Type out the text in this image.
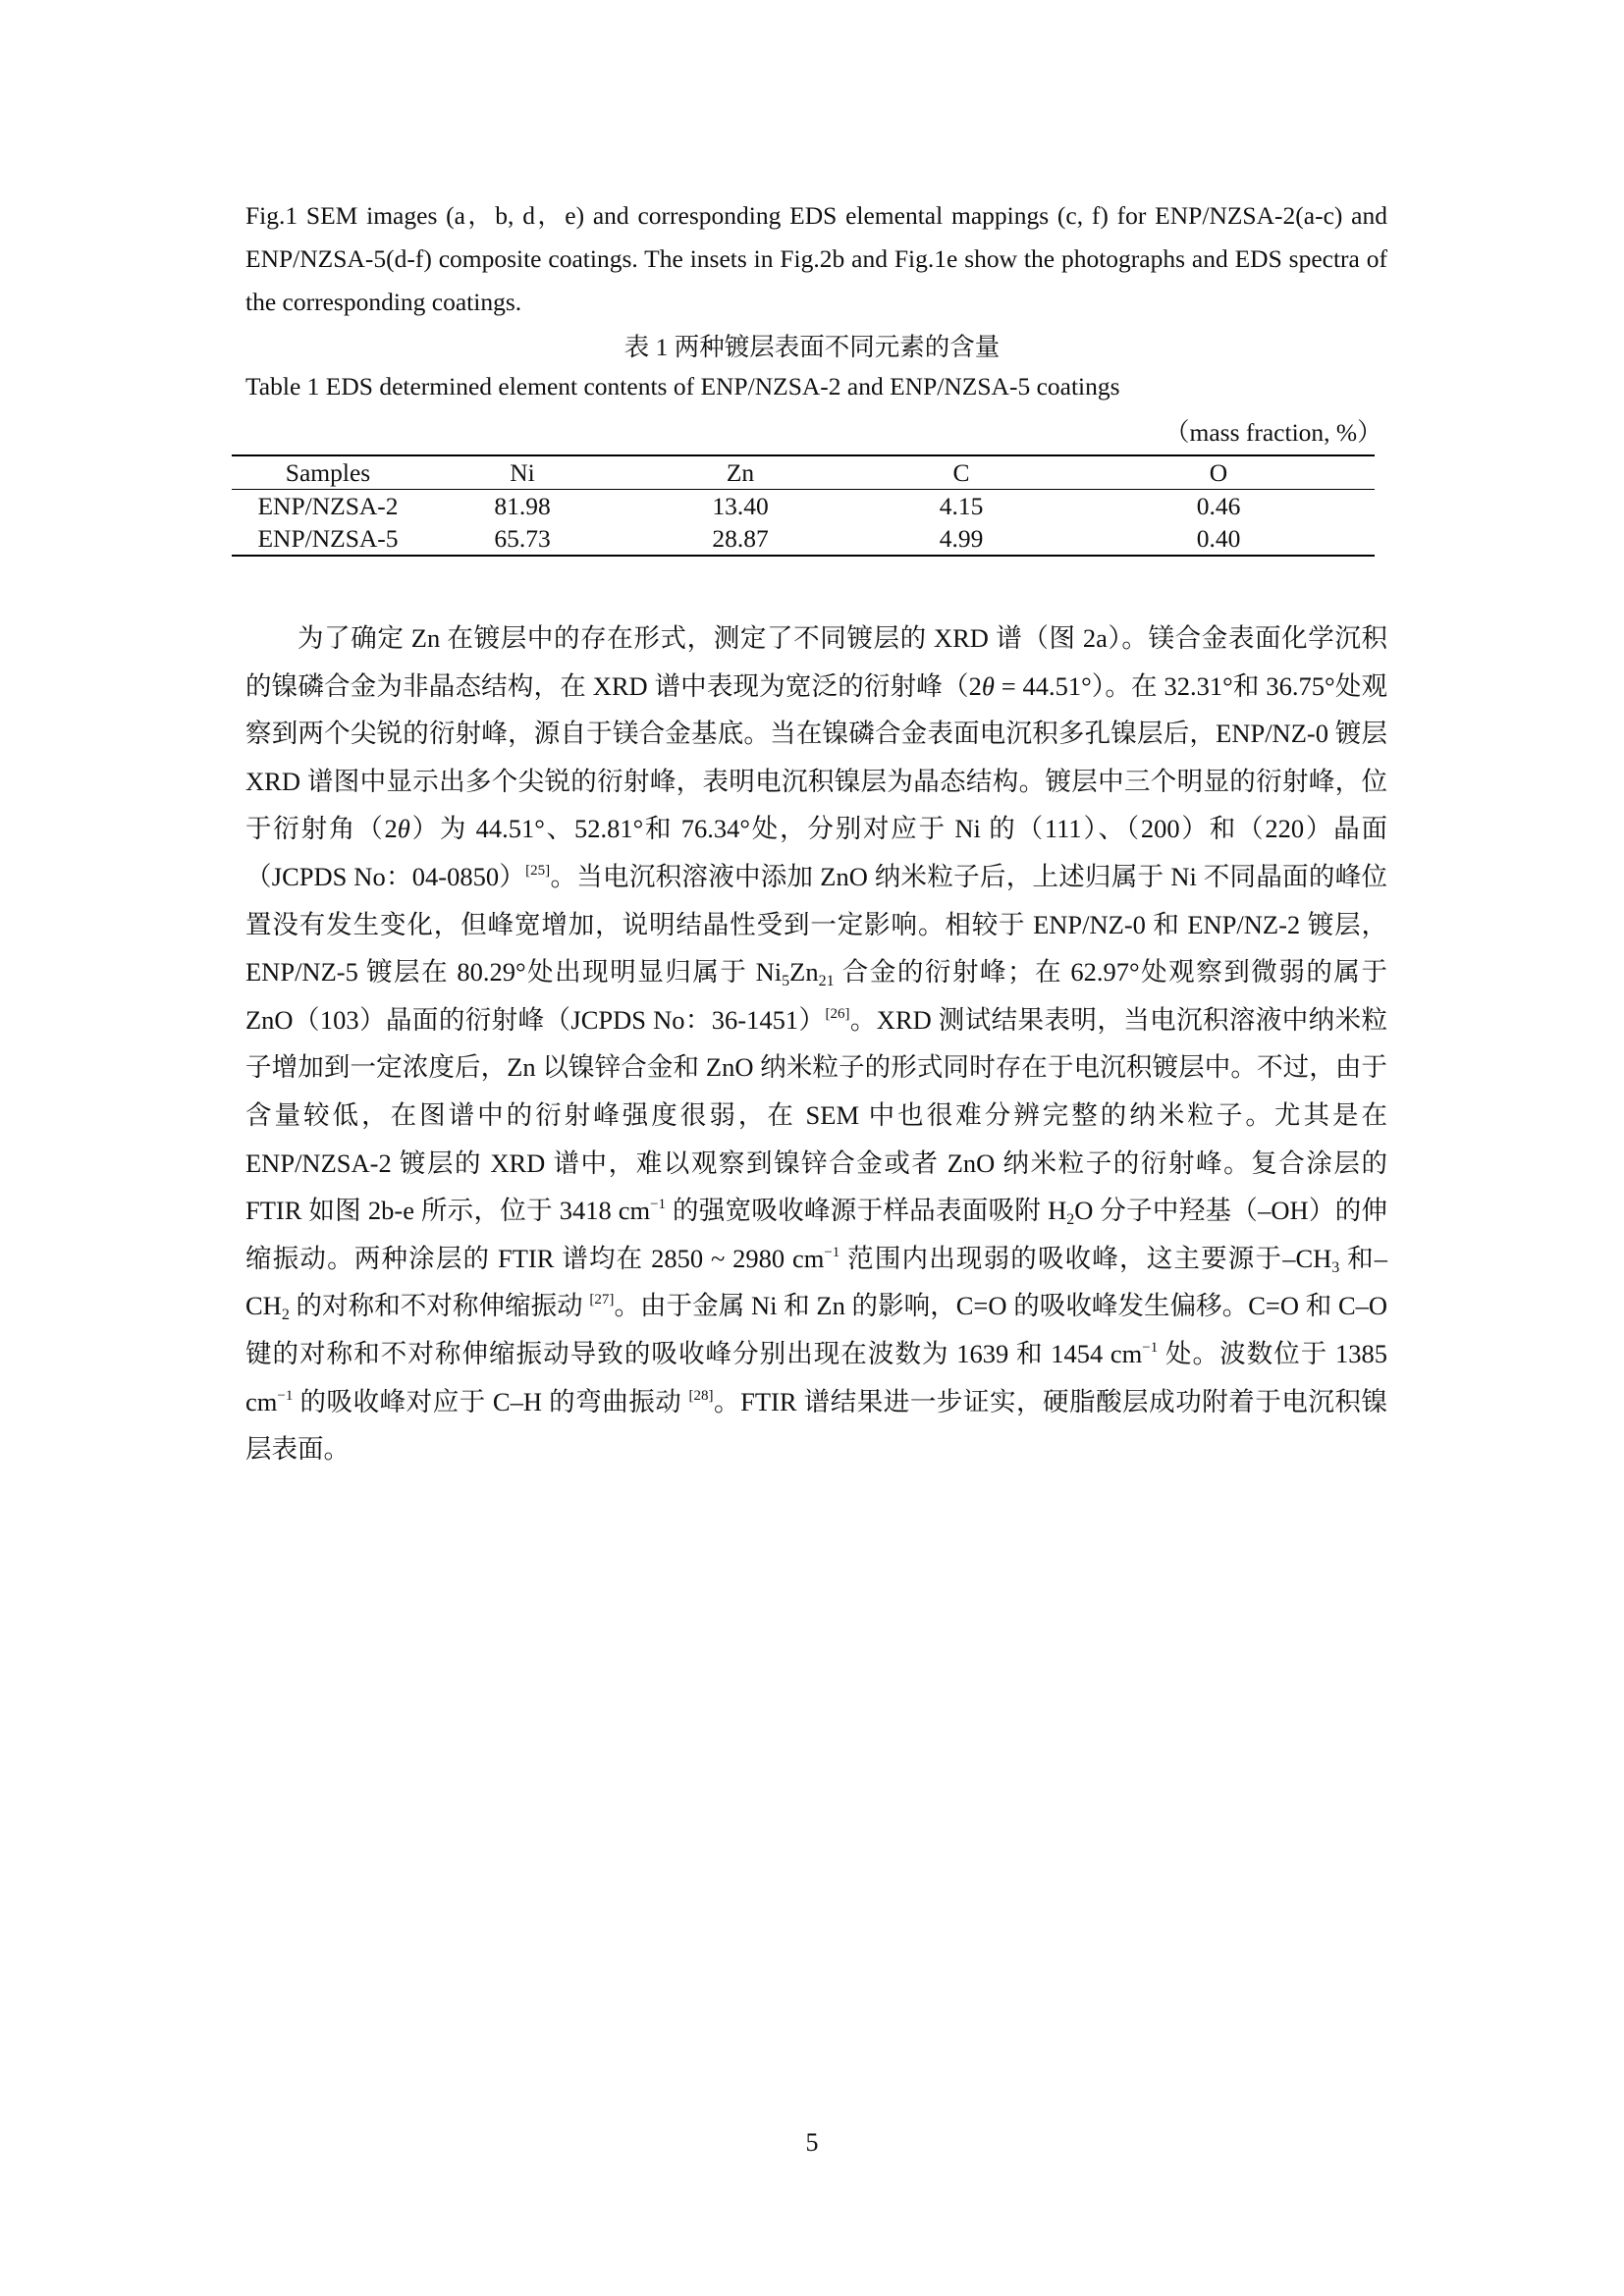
Fig.1 SEM images (a，b, d，e) and corresponding EDS elemental mappings (c, f) for ENP/NZSA-2(a-c) and ENP/NZSA-5(d-f) composite coatings. The insets in Fig.2b and Fig.1e show the photographs and EDS spectra of the corresponding coatings.
表 1 两种镀层表面不同元素的含量
Table 1 EDS determined element contents of ENP/NZSA-2 and ENP/NZSA-5 coatings
（mass fraction, %）
Samples	Ni	Zn	C	O
ENP/NZSA-2	81.98	13.40	4.15	0.46
ENP/NZSA-5	65.73	28.87	4.99	0.40

为了确定 Zn 在镀层中的存在形式，测定了不同镀层的 XRD 谱（图 2a）。镁合金表面化学沉积的镍磷合金为非晶态结构，在 XRD 谱中表现为宽泛的衍射峰（2θ = 44.51°）。在 32.31°和 36.75°处观察到两个尖锐的衍射峰，源自于镁合金基底。当在镍磷合金表面电沉积多孔镍层后，ENP/NZ-0 镀层 XRD 谱图中显示出多个尖锐的衍射峰，表明电沉积镍层为晶态结构。镀层中三个明显的衍射峰，位于衍射角（2θ）为 44.51°、52.81°和 76.34°处，分别对应于 Ni 的（111）、（200）和（220）晶面（JCPDS No：04-0850）[25]。当电沉积溶液中添加 ZnO 纳米粒子后，上述归属于 Ni 不同晶面的峰位置没有发生变化，但峰宽增加，说明结晶性受到一定影响。相较于 ENP/NZ-0 和 ENP/NZ-2 镀层，ENP/NZ-5 镀层在 80.29°处出现明显归属于 $Ni_5Zn_{21}$ 合金的衍射峰；在 62.97°处观察到微弱的属于 ZnO（103）晶面的衍射峰（JCPDS No：36-1451）[26]。XRD 测试结果表明，当电沉积溶液中纳米粒子增加到一定浓度后，Zn 以镍锌合金和 ZnO 纳米粒子的形式同时存在于电沉积镀层中。不过，由于含量较低，在图谱中的衍射峰强度很弱，在 SEM 中也很难分辨完整的纳米粒子。尤其是在 ENP/NZSA-2 镀层的 XRD 谱中，难以观察到镍锌合金或者 ZnO 纳米粒子的衍射峰。复合涂层的 FTIR 如图 2b-e 所示，位于 3418 $cm^{-1}$ 的强宽吸收峰源于样品表面吸附 $H_2O$ 分子中羟基（–OH）的伸缩振动。两种涂层的 FTIR 谱均在 2850 ~ 2980 $cm^{-1}$ 范围内出现弱的吸收峰，这主要源于$-CH_3$ 和$-CH_2$ 的对称和不对称伸缩振动 [27]。由于金属 Ni 和 Zn 的影响，C=O 的吸收峰发生偏移。C=O 和 C–O 键的对称和不对称伸缩振动导致的吸收峰分别出现在波数为 1639 和 1454 $cm^{-1}$ 处。波数位于 1385 $cm^{-1}$ 的吸收峰对应于 C–H 的弯曲振动 [28]。FTIR 谱结果进一步证实，硬脂酸层成功附着于电沉积镍层表面。

5
